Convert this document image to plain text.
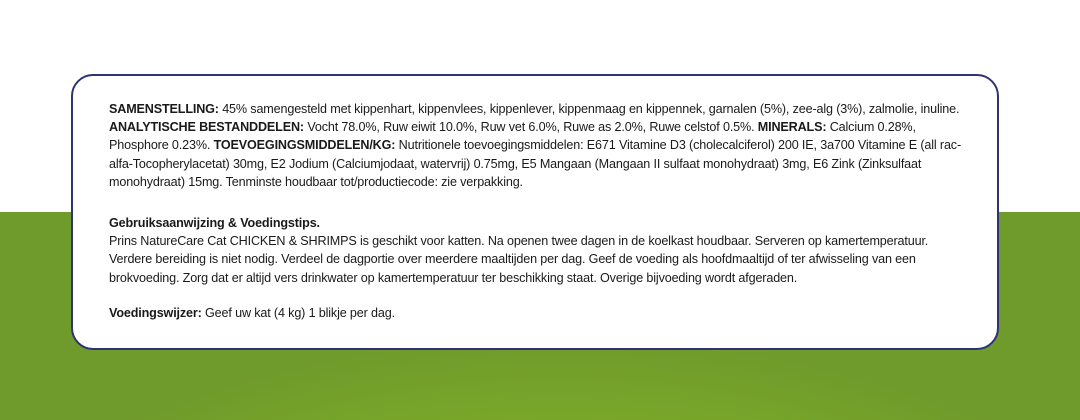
SAMENSTELLING: 45% samengesteld met kippenhart, kippenvlees, kippenlever, kippenmaag en kippennek, garnalen (5%), zee-alg (3%), zalmolie, inuline. ANALYTISCHE BESTANDDELEN: Vocht 78.0%, Ruw eiwit 10.0%, Ruw vet 6.0%, Ruwe as 2.0%, Ruwe celstof 0.5%. MINERALS: Calcium 0.28%, Phosphore 0.23%. TOEVOEGINGSMIDDELEN/KG: Nutritionele toevoegingsmiddelen: E671 Vitamine D3 (cholecalciferol) 200 IE, 3a700 Vitamine E (all rac-alfa-Tocopherylacetat) 30mg, E2 Jodium (Calciumjodaat, watervrij) 0.75mg, E5 Mangaan (Mangaan II sulfaat monohydraat) 3mg, E6 Zink (Zinksulfaat monohydraat) 15mg. Tenminste houdbaar tot/productiecode: zie verpakking.

Gebruiksaanwijzing & Voedingstips.
Prins NatureCare Cat CHICKEN & SHRIMPS is geschikt voor katten. Na openen twee dagen in de koelkast houdbaar. Serveren op kamertemperatuur. Verdere bereiding is niet nodig. Verdeel de dagportie over meerdere maaltijden per dag. Geef de voeding als hoofdmaaltijd of ter afwisseling van een brokvoeding. Zorg dat er altijd vers drinkwater op kamertemperatuur ter beschikking staat. Overige bijvoeding wordt afgeraden.

Voedingswijzer: Geef uw kat (4 kg) 1 blikje per dag.
